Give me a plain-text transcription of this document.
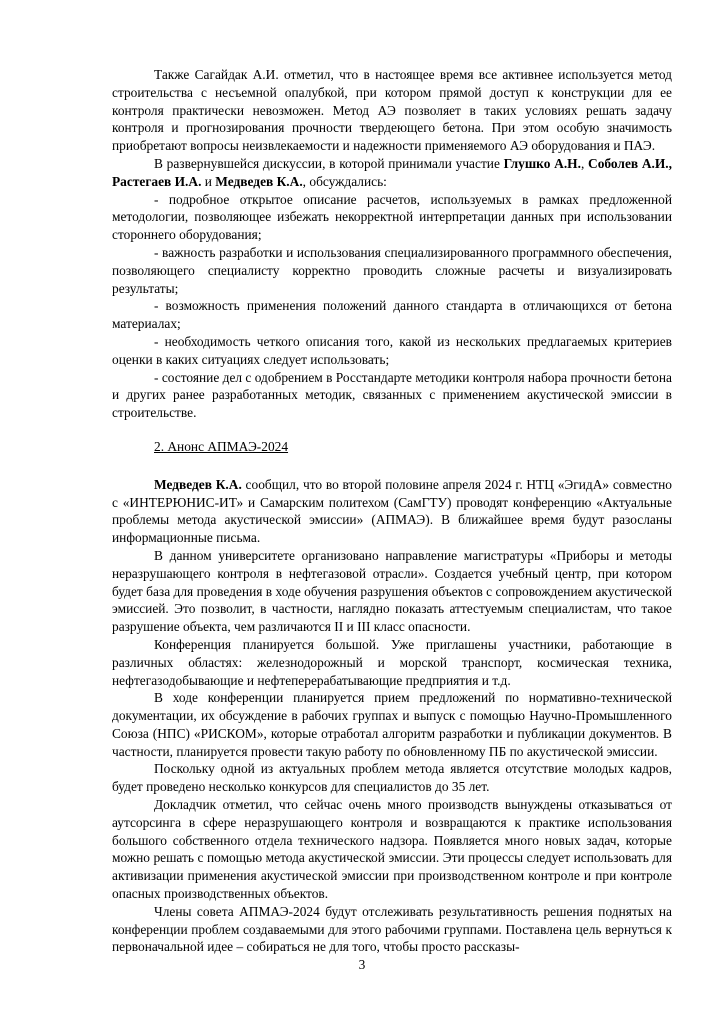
Также Сагайдак А.И. отметил, что в настоящее время все активнее используется метод строительства с несъемной опалубкой, при котором прямой доступ к конструкции для ее контроля практически невозможен. Метод АЭ позволяет в таких условиях решать задачу контроля и прогнозирования прочности твердеющего бетона. При этом особую значимость приобретают вопросы неизвлекаемости и надежности применяемого АЭ оборудования и ПАЭ.

В развернувшейся дискуссии, в которой принимали участие Глушко А.Н., Соболев А.И., Растегаев И.А. и Медведев К.А., обсуждались:

- подробное открытое описание расчетов, используемых в рамках предложенной методологии, позволяющее избежать некорректной интерпретации данных при использовании стороннего оборудования;

- важность разработки и использования специализированного программного обеспечения, позволяющего специалисту корректно проводить сложные расчеты и визуализировать результаты;

- возможность применения положений данного стандарта в отличающихся от бетона материалах;

- необходимость четкого описания того, какой из нескольких предлагаемых критериев оценки в каких ситуациях следует использовать;

- состояние дел с одобрением в Росстандарте методики контроля набора прочности бетона и других ранее разработанных методик, связанных с применением акустической эмиссии в строительстве.

2. Анонс АПМАЭ-2024

Медведев К.А. сообщил, что во второй половине апреля 2024 г. НТЦ «ЭгидА» совместно с «ИНТЕРЮНИС-ИТ» и Самарским политехом (СамГТУ) проводят конференцию «Актуальные проблемы метода акустической эмиссии» (АПМАЭ). В ближайшее время будут разосланы информационные письма.

В данном университете организовано направление магистратуры «Приборы и методы неразрушающего контроля в нефтегазовой отрасли». Создается учебный центр, при котором будет база для проведения в ходе обучения разрушения объектов с сопровождением акустической эмиссией. Это позволит, в частности, наглядно показать аттестуемым специалистам, что такое разрушение объекта, чем различаются II и III класс опасности.

Конференция планируется большой. Уже приглашены участники, работающие в различных областях: железнодорожный и морской транспорт, космическая техника, нефтегазодобывающие и нефтеперерабатывающие предприятия и т.д.

В ходе конференции планируется прием предложений по нормативно-технической документации, их обсуждение в рабочих группах и выпуск с помощью Научно-Промышленного Союза (НПС) «РИСКОМ», которые отработал алгоритм разработки и публикации документов. В частности, планируется провести такую работу по обновленному ПБ по акустической эмиссии.

Поскольку одной из актуальных проблем метода является отсутствие молодых кадров, будет проведено несколько конкурсов для специалистов до 35 лет.

Докладчик отметил, что сейчас очень много производств вынуждены отказываться от аутсорсинга в сфере неразрушающего контроля и возвращаются к практике использования большого собственного отдела технического надзора. Появляется много новых задач, которые можно решать с помощью метода акустической эмиссии. Эти процессы следует использовать для активизации применения акустической эмиссии при производственном контроле и при контроле опасных производственных объектов.

Члены совета АПМАЭ-2024 будут отслеживать результативность решения поднятых на конференции проблем создаваемыми для этого рабочими группами. Поставлена цель вернуться к первоначальной идее – собираться не для того, чтобы просто рассказы-

3
